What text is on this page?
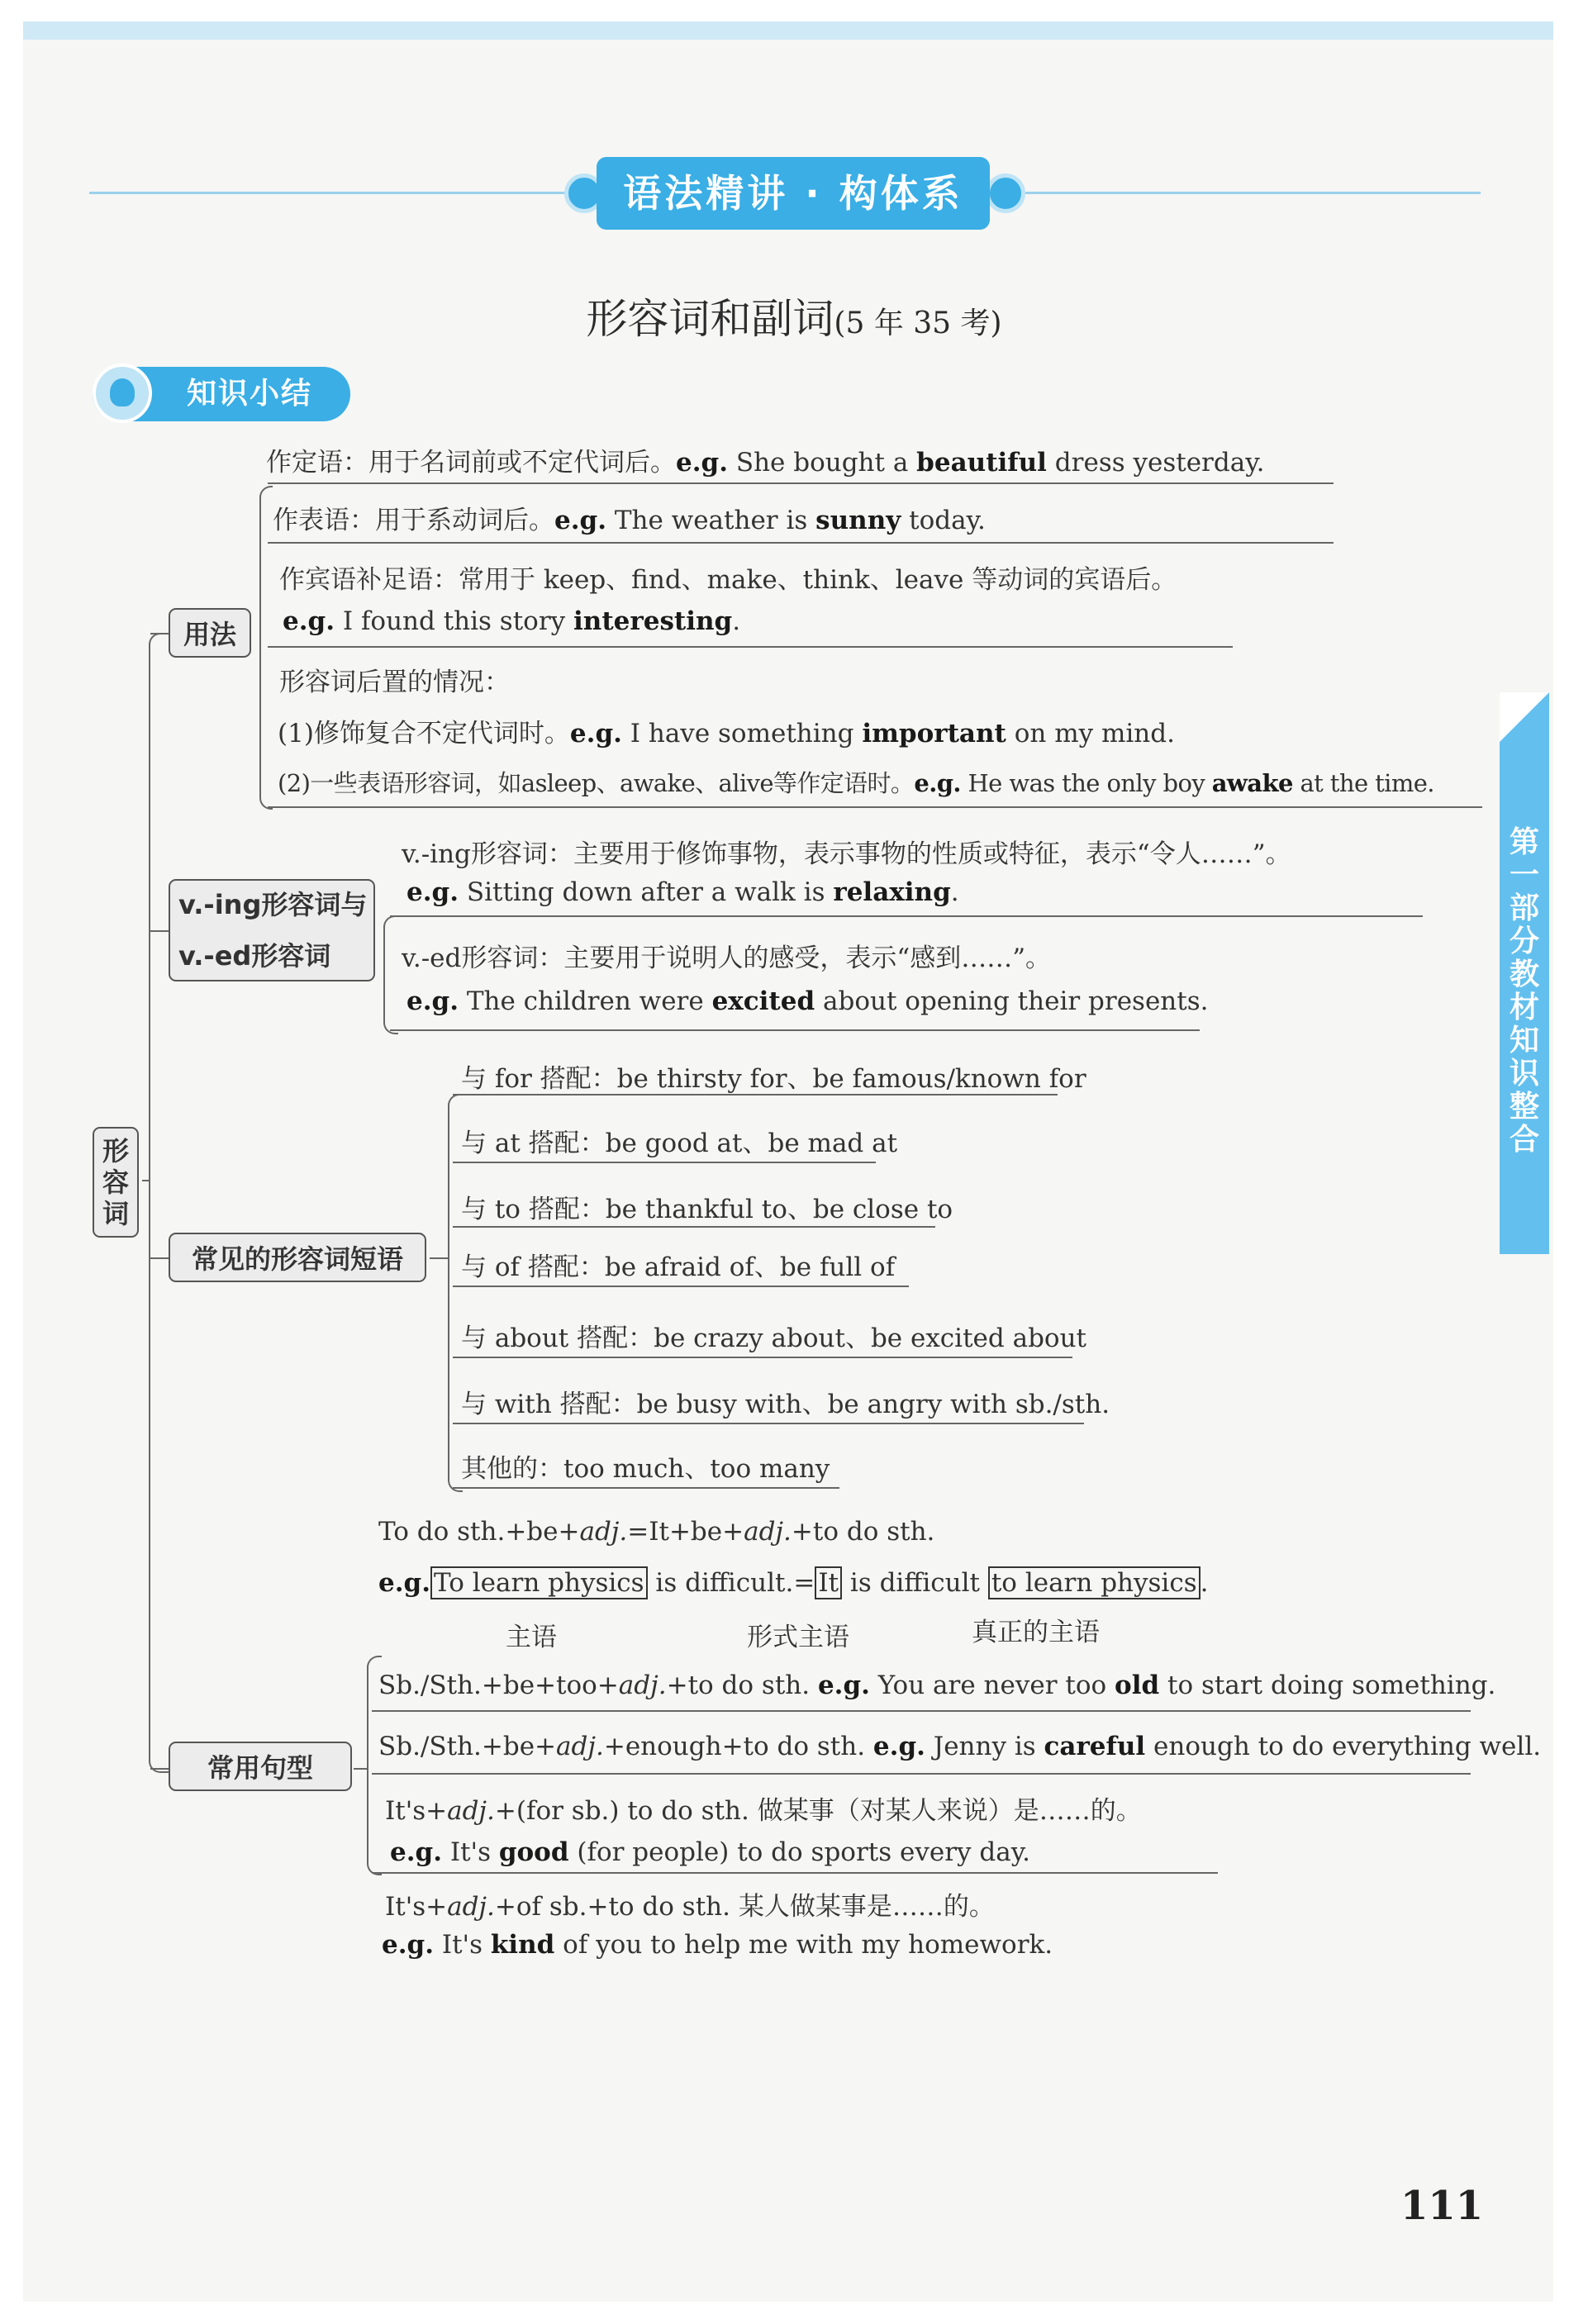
语法精讲 · 构体系
形容词和副词(5 年 35 考)
知识小结
形容词
用法
作定语：用于名词前或不定代词后。e.g. She bought a beautiful dress yesterday.
作表语：用于系动词后。e.g. The weather is sunny today.
作宾语补足语：常用于 keep、find、make、think、leave 等动词的宾语后。
e.g. I found this story interesting.
形容词后置的情况：
(1)修饰复合不定代词时。e.g. I have something important on my mind.
(2)一些表语形容词，如asleep、awake、alive等作定语时。e.g. He was the only boy awake at the time.
v.-ing形容词与
v.-ed形容词
v.-ing形容词：主要用于修饰事物，表示事物的性质或特征，表示“令人……”。
e.g. Sitting down after a walk is relaxing.
v.-ed形容词：主要用于说明人的感受，表示“感到……”。
e.g. The children were excited about opening their presents.
常见的形容词短语
与 for 搭配：be thirsty for、be famous/known for
与 at 搭配：be good at、be mad at
与 to 搭配：be thankful to、be close to
与 of 搭配：be afraid of、be full of
与 about 搭配：be crazy about、be excited about
与 with 搭配：be busy with、be angry with sb./sth.
其他的：too much、too many
To do sth.+be+adj.=It+be+adj.+to do sth.
e.g. To learn physics is difficult.= It is difficult to learn physics .
主语	形式主语	真正的主语
常用句型
Sb./Sth.+be+too+adj.+to do sth. e.g. You are never too old to start doing something.
Sb./Sth.+be+adj.+enough+to do sth. e.g. Jenny is careful enough to do everything well.
It's+adj.+(for sb.) to do sth. 做某事（对某人来说）是……的。
e.g. It's good (for people) to do sports every day.
It's+adj.+of sb.+to do sth. 某人做某事是……的。
e.g. It's kind of you to help me with my homework.
第一部分 教材知识整合
111
